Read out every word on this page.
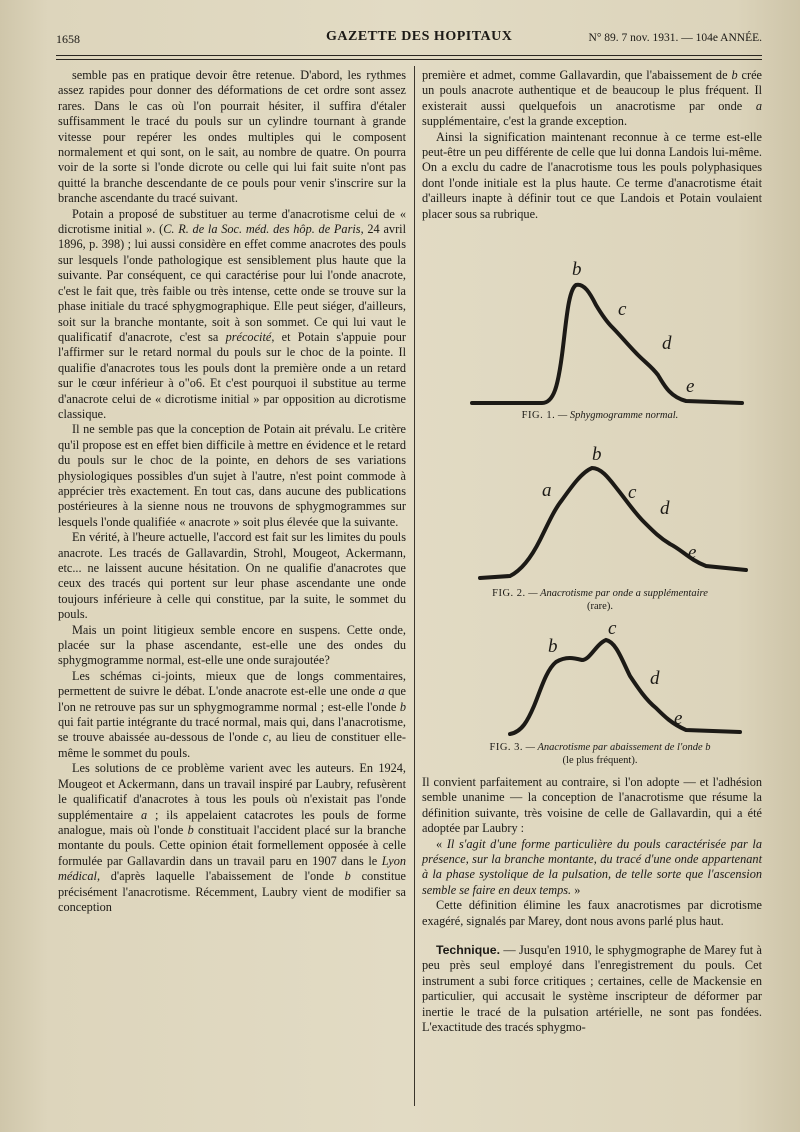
1658	GAZETTE DES HOPITAUX	N° 89. 7 nov. 1931. — 104e ANNÉE.

semble pas en pratique devoir être retenue. D'abord, les rythmes assez rapides pour donner des déformations de cet ordre sont assez rares. Dans le cas où l'on pourrait hésiter, il suffira d'étaler suffisamment le tracé du pouls sur un cylindre tournant à grande vitesse pour repérer les ondes multiples qui le composent normalement et qui sont, on le sait, au nombre de quatre. On pourra voir de la sorte si l'onde dicrote ou celle qui lui fait suite n'ont pas quitté la branche descendante de ce pouls pour venir s'inscrire sur la branche ascendante du tracé suivant.

Potain a proposé de substituer au terme d'anacrotisme celui de « dicrotisme initial ». (C. R. de la Soc. méd. des hôp. de Paris, 24 avril 1896, p. 398) ; lui aussi considère en effet comme anacrotes des pouls sur lesquels l'onde pathologique est sensiblement plus haute que la suivante. Par conséquent, ce qui caractérise pour lui l'onde anacrote, c'est le fait que, très faible ou très intense, cette onde se trouve sur la phase initiale du tracé sphygmographique. Elle peut siéger, d'ailleurs, soit sur la branche montante, soit à son sommet. Ce qui lui vaut le qualificatif d'anacrote, c'est sa précocité, et Potain s'appuie pour l'affirmer sur le retard normal du pouls sur le choc de la pointe. Il qualifie d'anacrotes tous les pouls dont la première onde a un retard sur le cœur inférieur à o"o6. Et c'est pourquoi il substitue au terme d'anacrote celui de « dicrotisme initial » par opposition au dicrotisme classique.

Il ne semble pas que la conception de Potain ait prévalu. Le critère qu'il propose est en effet bien difficile à mettre en évidence et le retard du pouls sur le choc de la pointe, en dehors de ses variations physiologiques possibles d'un sujet à l'autre, n'est point commode à apprécier très exactement. En tout cas, dans aucune des publications postérieures à la sienne nous ne trouvons de sphygmogrammes sur lesquels l'onde qualifiée « anacrote » soit plus élevée que la suivante.

En vérité, à l'heure actuelle, l'accord est fait sur les limites du pouls anacrote. Les tracés de Gallavardin, Strohl, Mougeot, Ackermann, etc... ne laissent aucune hésitation. On ne qualifie d'anacrotes que ceux des tracés qui portent sur leur phase ascendante une onde toujours inférieure à celle qui constitue, par la suite, le sommet du pouls.

Mais un point litigieux semble encore en suspens. Cette onde, placée sur la phase ascendante, est-elle une des ondes du sphygmogramme normal, est-elle une onde surajoutée?

Les schémas ci-joints, mieux que de longs commentaires, permettent de suivre le débat. L'onde anacrote est-elle une onde a que l'on ne retrouve pas sur un sphygmogramme normal ; est-elle l'onde b qui fait partie intégrante du tracé normal, mais qui, dans l'anacrotisme, se trouve abaissée au-dessous de l'onde c, au lieu de constituer elle-même le sommet du pouls.

Les solutions de ce problème varient avec les auteurs. En 1924, Mougeot et Ackermann, dans un travail inspiré par Laubry, refusèrent le qualificatif d'anacrotes à tous les pouls où n'existait pas l'onde supplémentaire a ; ils appelaient catacrotes les pouls de forme analogue, mais où l'onde b constituait l'accident placé sur la branche montante du pouls. Cette opinion était formellement opposée à celle formulée par Gallavardin dans un travail paru en 1907 dans le Lyon médical, d'après laquelle l'abaissement de l'onde b constitue précisément l'anacrotisme. Récemment, Laubry vient de modifier sa conception

première et admet, comme Gallavardin, que l'abaissement de b crée un pouls anacrote authentique et de beaucoup le plus fréquent. Il existerait aussi quelquefois un anacrotisme par onde a supplémentaire, c'est la grande exception.

Ainsi la signification maintenant reconnue à ce terme est-elle peut-être un peu différente de celle que lui donna Landois lui-même. On a exclu du cadre de l'anacrotisme tous les pouls polyphasiques dont l'onde initiale est la plus haute. Ce terme d'anacrotisme était d'ailleurs inapte à définir tout ce que Landois et Potain voulaient placer sous sa rubrique.

b
c
d
e
FIG. 1. — Sphygmogramme normal.
a
b
c
d
e
FIG. 2. — Anacrotisme par onde a supplémentaire
(rare).
b
c
d
e
FIG. 3. — Anacrotisme par abaissement de l'onde b
(le plus fréquent).

Il convient parfaitement au contraire, si l'on adopte — et l'adhésion semble unanime — la conception de l'anacrotisme que résume la définition suivante, très voisine de celle de Gallavardin, qui a été adoptée par Laubry :

« Il s'agit d'une forme particulière du pouls caractérisée par la présence, sur la branche montante, du tracé d'une onde appartenant à la phase systolique de la pulsation, de telle sorte que l'ascension semble se faire en deux temps. »

Cette définition élimine les faux anacrotismes par dicrotisme exagéré, signalés par Marey, dont nous avons parlé plus haut.

Technique. — Jusqu'en 1910, le sphygmographe de Marey fut à peu près seul employé dans l'enregistrement du pouls. Cet instrument a subi force critiques ; certaines, celle de Mackensie en particulier, qui accusait le système inscripteur de déformer par inertie le tracé de la pulsation artérielle, ne sont pas fondées. L'exactitude des tracés sphygmo-
